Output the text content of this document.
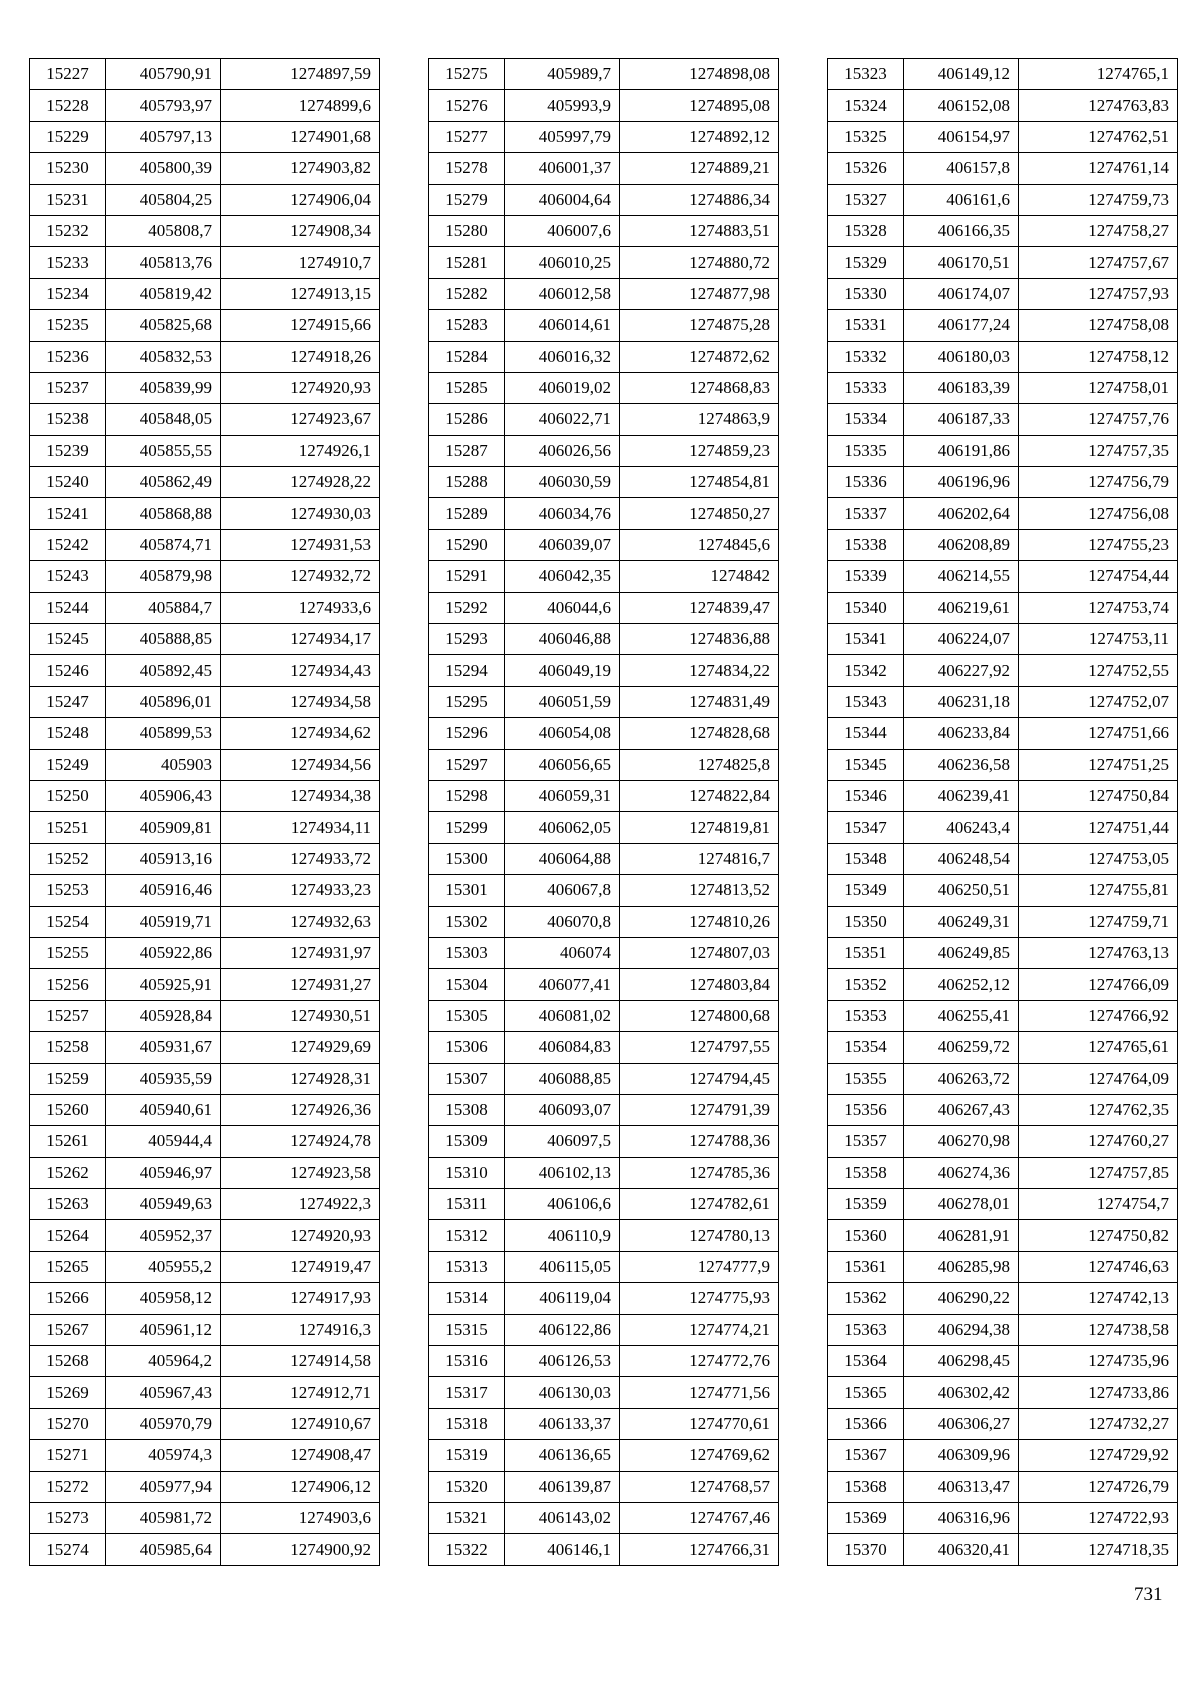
15227	405790,91	1274897,59
15228	405793,97	1274899,6
15229	405797,13	1274901,68
15230	405800,39	1274903,82
15231	405804,25	1274906,04
15232	405808,7	1274908,34
15233	405813,76	1274910,7
15234	405819,42	1274913,15
15235	405825,68	1274915,66
15236	405832,53	1274918,26
15237	405839,99	1274920,93
15238	405848,05	1274923,67
15239	405855,55	1274926,1
15240	405862,49	1274928,22
15241	405868,88	1274930,03
15242	405874,71	1274931,53
15243	405879,98	1274932,72
15244	405884,7	1274933,6
15245	405888,85	1274934,17
15246	405892,45	1274934,43
15247	405896,01	1274934,58
15248	405899,53	1274934,62
15249	405903	1274934,56
15250	405906,43	1274934,38
15251	405909,81	1274934,11
15252	405913,16	1274933,72
15253	405916,46	1274933,23
15254	405919,71	1274932,63
15255	405922,86	1274931,97
15256	405925,91	1274931,27
15257	405928,84	1274930,51
15258	405931,67	1274929,69
15259	405935,59	1274928,31
15260	405940,61	1274926,36
15261	405944,4	1274924,78
15262	405946,97	1274923,58
15263	405949,63	1274922,3
15264	405952,37	1274920,93
15265	405955,2	1274919,47
15266	405958,12	1274917,93
15267	405961,12	1274916,3
15268	405964,2	1274914,58
15269	405967,43	1274912,71
15270	405970,79	1274910,67
15271	405974,3	1274908,47
15272	405977,94	1274906,12
15273	405981,72	1274903,6
15274	405985,64	1274900,92
15275	405989,7	1274898,08
15276	405993,9	1274895,08
15277	405997,79	1274892,12
15278	406001,37	1274889,21
15279	406004,64	1274886,34
15280	406007,6	1274883,51
15281	406010,25	1274880,72
15282	406012,58	1274877,98
15283	406014,61	1274875,28
15284	406016,32	1274872,62
15285	406019,02	1274868,83
15286	406022,71	1274863,9
15287	406026,56	1274859,23
15288	406030,59	1274854,81
15289	406034,76	1274850,27
15290	406039,07	1274845,6
15291	406042,35	1274842
15292	406044,6	1274839,47
15293	406046,88	1274836,88
15294	406049,19	1274834,22
15295	406051,59	1274831,49
15296	406054,08	1274828,68
15297	406056,65	1274825,8
15298	406059,31	1274822,84
15299	406062,05	1274819,81
15300	406064,88	1274816,7
15301	406067,8	1274813,52
15302	406070,8	1274810,26
15303	406074	1274807,03
15304	406077,41	1274803,84
15305	406081,02	1274800,68
15306	406084,83	1274797,55
15307	406088,85	1274794,45
15308	406093,07	1274791,39
15309	406097,5	1274788,36
15310	406102,13	1274785,36
15311	406106,6	1274782,61
15312	406110,9	1274780,13
15313	406115,05	1274777,9
15314	406119,04	1274775,93
15315	406122,86	1274774,21
15316	406126,53	1274772,76
15317	406130,03	1274771,56
15318	406133,37	1274770,61
15319	406136,65	1274769,62
15320	406139,87	1274768,57
15321	406143,02	1274767,46
15322	406146,1	1274766,31
15323	406149,12	1274765,1
15324	406152,08	1274763,83
15325	406154,97	1274762,51
15326	406157,8	1274761,14
15327	406161,6	1274759,73
15328	406166,35	1274758,27
15329	406170,51	1274757,67
15330	406174,07	1274757,93
15331	406177,24	1274758,08
15332	406180,03	1274758,12
15333	406183,39	1274758,01
15334	406187,33	1274757,76
15335	406191,86	1274757,35
15336	406196,96	1274756,79
15337	406202,64	1274756,08
15338	406208,89	1274755,23
15339	406214,55	1274754,44
15340	406219,61	1274753,74
15341	406224,07	1274753,11
15342	406227,92	1274752,55
15343	406231,18	1274752,07
15344	406233,84	1274751,66
15345	406236,58	1274751,25
15346	406239,41	1274750,84
15347	406243,4	1274751,44
15348	406248,54	1274753,05
15349	406250,51	1274755,81
15350	406249,31	1274759,71
15351	406249,85	1274763,13
15352	406252,12	1274766,09
15353	406255,41	1274766,92
15354	406259,72	1274765,61
15355	406263,72	1274764,09
15356	406267,43	1274762,35
15357	406270,98	1274760,27
15358	406274,36	1274757,85
15359	406278,01	1274754,7
15360	406281,91	1274750,82
15361	406285,98	1274746,63
15362	406290,22	1274742,13
15363	406294,38	1274738,58
15364	406298,45	1274735,96
15365	406302,42	1274733,86
15366	406306,27	1274732,27
15367	406309,96	1274729,92
15368	406313,47	1274726,79
15369	406316,96	1274722,93
15370	406320,41	1274718,35
731
